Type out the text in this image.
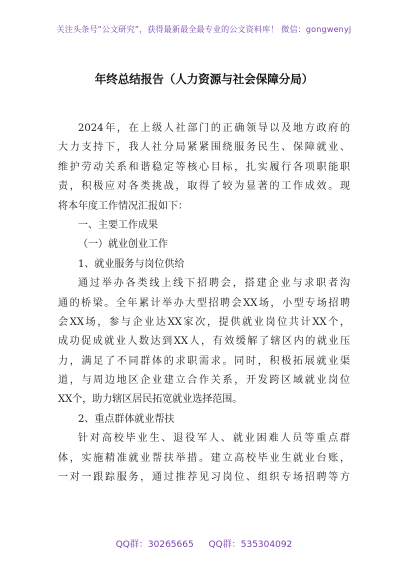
关注头条号“公文研究”，获得最新最全最专业的公文资料库！ 微信：gongwenyj
年终总结报告（人力资源与社会保障分局）
2024年，在上级人社部门的正确领导以及地方政府的
大力支持下，我人社分局紧紧围绕服务民生、保障就业、
维护劳动关系和谐稳定等核心目标，扎实履行各项职能职
责，积极应对各类挑战，取得了较为显著的工作成效。现
将本年度工作情况汇报如下：
一、主要工作成果
（一）就业创业工作
1、就业服务与岗位供给
通过举办各类线上线下招聘会，搭建企业与求职者沟
通的桥梁。全年累计举办大型招聘会XX场，小型专场招聘
会XX场，参与企业达XX家次，提供就业岗位共计XX个，
成功促成就业人数达到XX人，有效缓解了辖区内的就业压
力，满足了不同群体的求职需求。同时，积极拓展就业渠
道，与周边地区企业建立合作关系，开发跨区域就业岗位
XX个，助力辖区居民拓宽就业选择范围。
2、重点群体就业帮扶
针对高校毕业生、退役军人、就业困难人员等重点群
体，实施精准就业帮扶举措。建立高校毕业生就业台账，
一对一跟踪服务，通过推荐见习岗位、组织专场招聘等方
QQ群：30265665 QQ群：535304092
